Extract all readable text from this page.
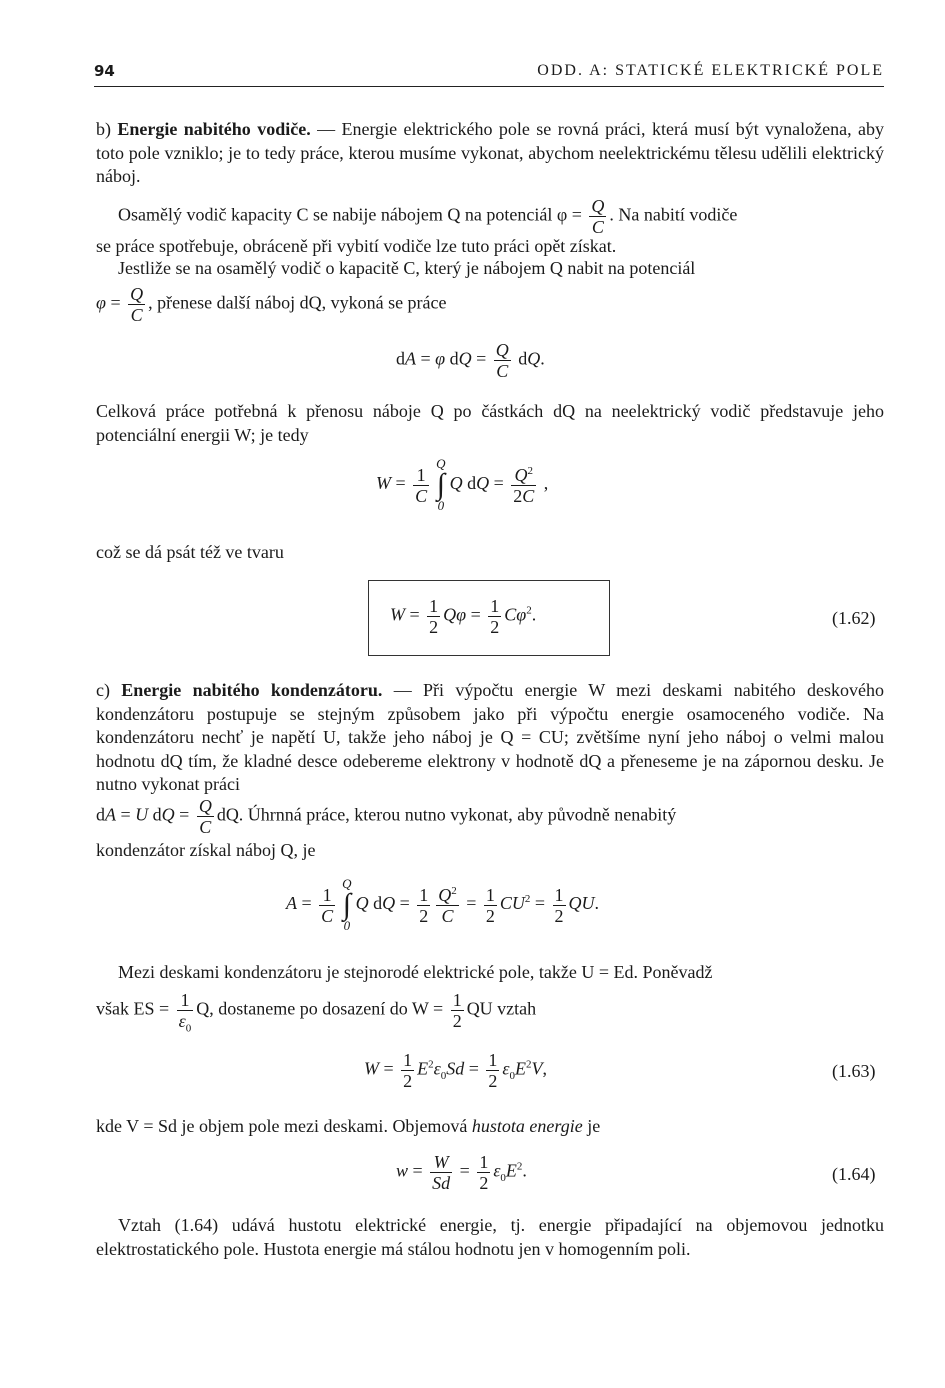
94	ODD. A: STATICKÉ ELEKTRICKÉ POLE

b) Energie nabitého vodiče. — Energie elektrického pole se rovná práci, která musí být vynaložena, aby toto pole vzniklo; je to tedy práce, kterou musíme vykonat, abychom neelektrickému tělesu udělili elektrický náboj.

Osamělý vodič kapacity C se nabije nábojem Q na potenciál $\varphi = \frac{Q}{C}$ . Na nabití vodiče
se práce spotřebuje, obráceně při vybití vodiče lze tuto práci opět získat.
Jestliže se na osamělý vodič o kapacitě C, který je nábojem Q nabit na potenciál
$\varphi = \frac{Q}{C}$ , přenese další náboj dQ, vykoná se práce
dA = φ dQ = $\frac{Q}{C}$ dQ.

Celková práce potřebná k přenosu náboje Q po částkách dQ na neelektrický vodič představuje jeho potenciální energii W; je tedy

$W = \frac{1}{C}$
Q
∫
0
Q dQ = $\frac{Q^2}{2C}$ ,
což se dá psát též ve tvaru
$W = \frac{1}{2}$ $Q\varphi = \frac{1}{2} C\varphi^2$.	(1.62)

c) Energie nabitého kondenzátoru. — Při výpočtu energie W mezi deskami nabitého deskového kondenzátoru postupuje se stejným způsobem jako při výpočtu energie osamoceného vodiče. Na kondenzátoru nechť je napětí U, takže jeho náboj je Q = CU; zvětšíme nyní jeho náboj o velmi malou hodnotu dQ tím, že kladné desce odebereme elektrony v hodnotě dQ a přeneseme je na zápornou desku. Je nutno vykonat práci

dA = U dQ = $\frac{Q}{C}$ dQ. Úhrnná práce, kterou nutno vykonat, aby původně nenabitý
kondenzátor získal náboj Q, je
$A = \frac{1}{C}$
Q
∫
0
Q dQ = $\frac{1}{2} \frac{Q^2}{C} = \frac{1}{2} CU^2 = \frac{1}{2}$ QU.
Mezi deskami kondenzátoru je stejnorodé elektrické pole, takže U = Ed. Poněvadž
však ES = $\frac{1}{\varepsilon_0} Q$, dostaneme po dosazení do $W = \frac{1}{2}$ QU vztah
$W = \frac{1}{2} E^2\varepsilon_0Sd = \frac{1}{2} \varepsilon_0E^2V$,	(1.63)
kde V = Sd je objem pole mezi deskami. Objemová hustota energie je
$w = \frac{W}{Sd} = \frac{1}{2} \varepsilon_0E^2$.	(1.64)

Vztah (1.64) udává hustotu elektrické energie, tj. energie připadající na objemovou jednotku elektrostatického pole. Hustota energie má stálou hodnotu jen v homogenním poli.
